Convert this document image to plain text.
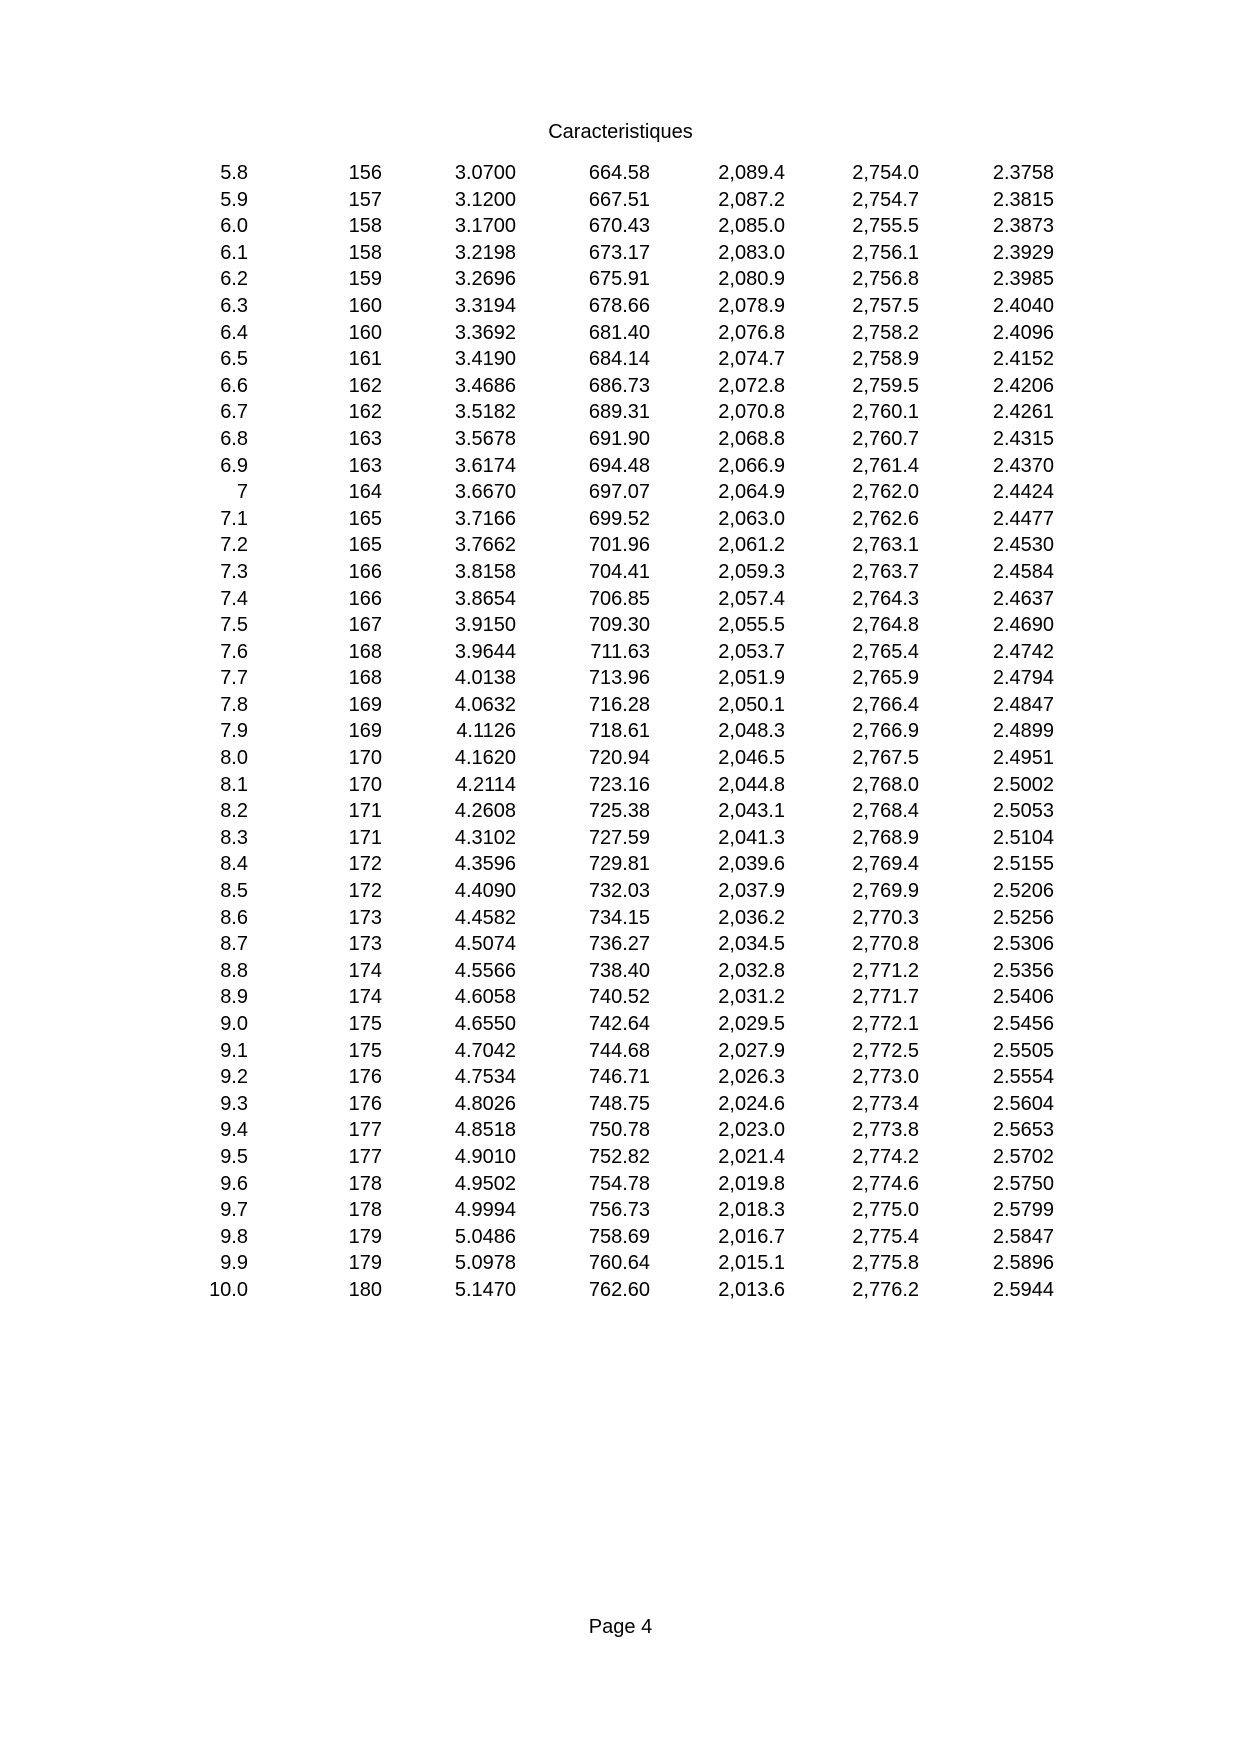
Caracteristiques
5.8	156	3.0700	664.58	2,089.4	2,754.0	2.3758
5.9	157	3.1200	667.51	2,087.2	2,754.7	2.3815
6.0	158	3.1700	670.43	2,085.0	2,755.5	2.3873
6.1	158	3.2198	673.17	2,083.0	2,756.1	2.3929
6.2	159	3.2696	675.91	2,080.9	2,756.8	2.3985
6.3	160	3.3194	678.66	2,078.9	2,757.5	2.4040
6.4	160	3.3692	681.40	2,076.8	2,758.2	2.4096
6.5	161	3.4190	684.14	2,074.7	2,758.9	2.4152
6.6	162	3.4686	686.73	2,072.8	2,759.5	2.4206
6.7	162	3.5182	689.31	2,070.8	2,760.1	2.4261
6.8	163	3.5678	691.90	2,068.8	2,760.7	2.4315
6.9	163	3.6174	694.48	2,066.9	2,761.4	2.4370
7	164	3.6670	697.07	2,064.9	2,762.0	2.4424
7.1	165	3.7166	699.52	2,063.0	2,762.6	2.4477
7.2	165	3.7662	701.96	2,061.2	2,763.1	2.4530
7.3	166	3.8158	704.41	2,059.3	2,763.7	2.4584
7.4	166	3.8654	706.85	2,057.4	2,764.3	2.4637
7.5	167	3.9150	709.30	2,055.5	2,764.8	2.4690
7.6	168	3.9644	711.63	2,053.7	2,765.4	2.4742
7.7	168	4.0138	713.96	2,051.9	2,765.9	2.4794
7.8	169	4.0632	716.28	2,050.1	2,766.4	2.4847
7.9	169	4.1126	718.61	2,048.3	2,766.9	2.4899
8.0	170	4.1620	720.94	2,046.5	2,767.5	2.4951
8.1	170	4.2114	723.16	2,044.8	2,768.0	2.5002
8.2	171	4.2608	725.38	2,043.1	2,768.4	2.5053
8.3	171	4.3102	727.59	2,041.3	2,768.9	2.5104
8.4	172	4.3596	729.81	2,039.6	2,769.4	2.5155
8.5	172	4.4090	732.03	2,037.9	2,769.9	2.5206
8.6	173	4.4582	734.15	2,036.2	2,770.3	2.5256
8.7	173	4.5074	736.27	2,034.5	2,770.8	2.5306
8.8	174	4.5566	738.40	2,032.8	2,771.2	2.5356
8.9	174	4.6058	740.52	2,031.2	2,771.7	2.5406
9.0	175	4.6550	742.64	2,029.5	2,772.1	2.5456
9.1	175	4.7042	744.68	2,027.9	2,772.5	2.5505
9.2	176	4.7534	746.71	2,026.3	2,773.0	2.5554
9.3	176	4.8026	748.75	2,024.6	2,773.4	2.5604
9.4	177	4.8518	750.78	2,023.0	2,773.8	2.5653
9.5	177	4.9010	752.82	2,021.4	2,774.2	2.5702
9.6	178	4.9502	754.78	2,019.8	2,774.6	2.5750
9.7	178	4.9994	756.73	2,018.3	2,775.0	2.5799
9.8	179	5.0486	758.69	2,016.7	2,775.4	2.5847
9.9	179	5.0978	760.64	2,015.1	2,775.8	2.5896
10.0	180	5.1470	762.60	2,013.6	2,776.2	2.5944
Page 4
